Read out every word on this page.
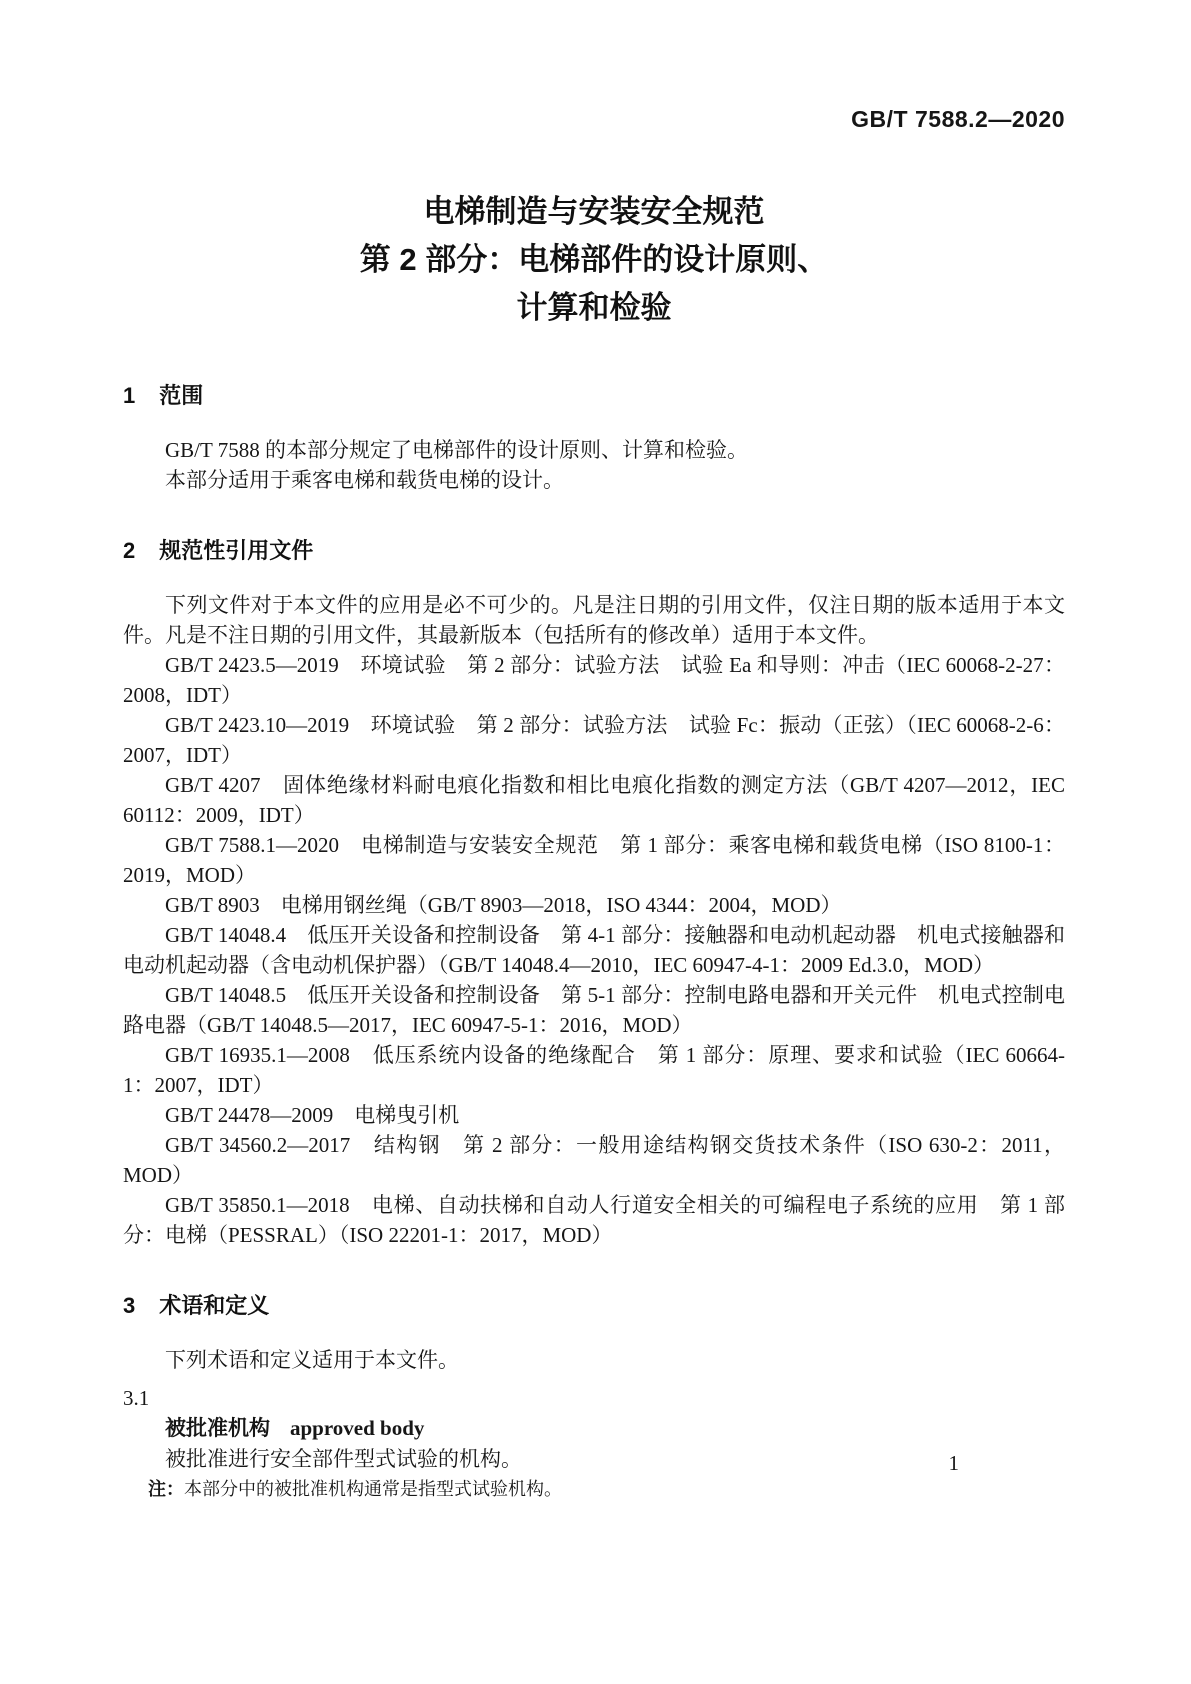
GB/T 7588.2—2020
电梯制造与安装安全规范
第 2 部分：电梯部件的设计原则、
计算和检验
1 范围

GB/T 7588 的本部分规定了电梯部件的设计原则、计算和检验。

本部分适用于乘客电梯和载货电梯的设计。

2 规范性引用文件

下列文件对于本文件的应用是必不可少的。凡是注日期的引用文件，仅注日期的版本适用于本文件。凡是不注日期的引用文件，其最新版本（包括所有的修改单）适用于本文件。

GB/T 2423.5—2019　环境试验　第 2 部分：试验方法　试验 Ea 和导则：冲击（IEC 60068-2-27：2008，IDT）

GB/T 2423.10—2019　环境试验　第 2 部分：试验方法　试验 Fc：振动（正弦）（IEC 60068-2-6：2007，IDT）

GB/T 4207　固体绝缘材料耐电痕化指数和相比电痕化指数的测定方法（GB/T 4207—2012，IEC 60112：2009，IDT）

GB/T 7588.1—2020　电梯制造与安装安全规范　第 1 部分：乘客电梯和载货电梯（ISO 8100-1：2019，MOD）

GB/T 8903　电梯用钢丝绳（GB/T 8903—2018，ISO 4344：2004，MOD）

GB/T 14048.4　低压开关设备和控制设备　第 4-1 部分：接触器和电动机起动器　机电式接触器和电动机起动器（含电动机保护器）（GB/T 14048.4—2010，IEC 60947-4-1：2009 Ed.3.0，MOD）

GB/T 14048.5　低压开关设备和控制设备　第 5-1 部分：控制电路电器和开关元件　机电式控制电路电器（GB/T 14048.5—2017，IEC 60947-5-1：2016，MOD）

GB/T 16935.1—2008　低压系统内设备的绝缘配合　第 1 部分：原理、要求和试验（IEC 60664-1：2007，IDT）

GB/T 24478—2009　电梯曳引机

GB/T 34560.2—2017　结构钢　第 2 部分：一般用途结构钢交货技术条件（ISO 630-2：2011，MOD）

GB/T 35850.1—2018　电梯、自动扶梯和自动人行道安全相关的可编程电子系统的应用　第 1 部分：电梯（PESSRAL）（ISO 22201-1：2017，MOD）

3 术语和定义

下列术语和定义适用于本文件。

3.1

被批准机构 approved body

被批准进行安全部件型式试验的机构。

注：本部分中的被批准机构通常是指型式试验机构。

1
